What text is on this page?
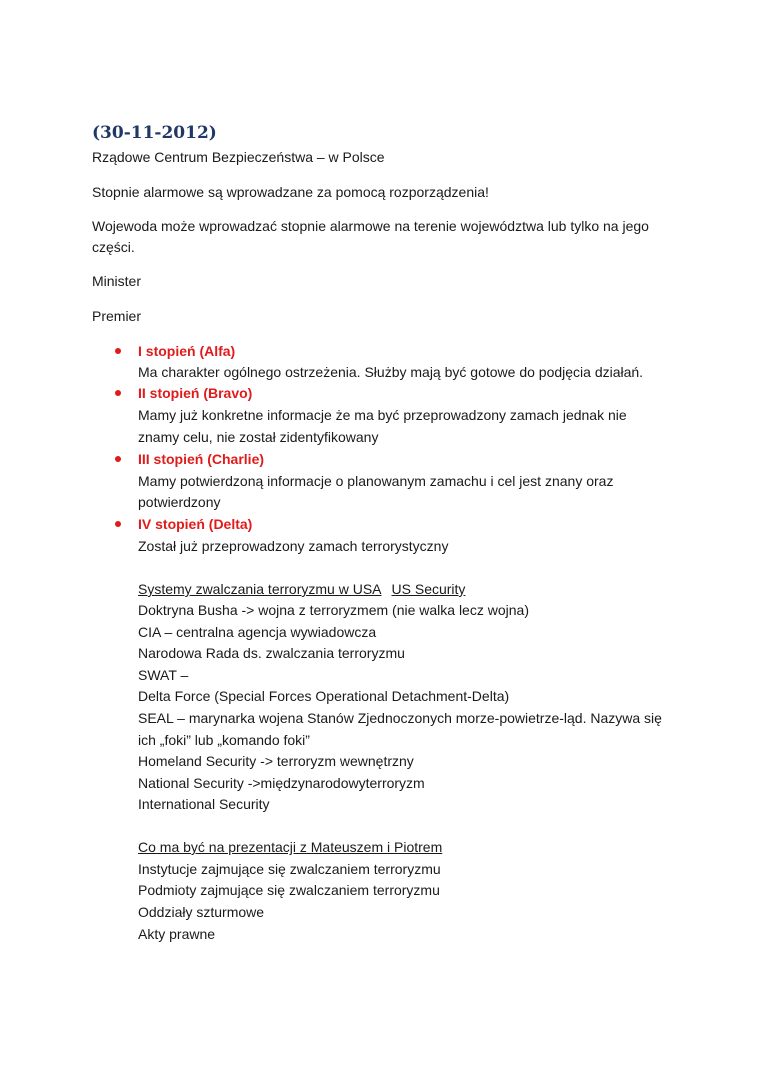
(30-11-2012)

Rządowe Centrum Bezpieczeństwa – w Polsce

Stopnie alarmowe są wprowadzane za pomocą rozporządzenia!

Wojewoda może wprowadzać stopnie alarmowe na terenie województwa lub tylko na jego

części.

Minister

Premier

I stopień (Alfa)

Ma charakter ogólnego ostrzeżenia. Służby mają być gotowe do podjęcia działań.

II stopień (Bravo)

Mamy już konkretne informacje że ma być przeprowadzony zamach jednak nie

znamy celu, nie został zidentyfikowany

III stopień (Charlie)

Mamy potwierdzoną informacje o planowanym zamachu i cel jest znany oraz

potwierdzony

IV stopień (Delta)

Został już przeprowadzony zamach terrorystyczny

Systemy zwalczania terroryzmu w USA US Security

Doktryna Busha -> wojna z terroryzmem (nie walka lecz wojna)

CIA – centralna agencja wywiadowcza

Narodowa Rada ds. zwalczania terroryzmu

SWAT –

Delta Force (Special Forces Operational Detachment-Delta)

SEAL – marynarka wojena Stanów Zjednoczonych morze-powietrze-ląd. Nazywa się

ich „foki” lub „komando foki”

Homeland Security -> terroryzm wewnętrzny

National Security ->międzynarodowyterroryzm

International Security

Co ma być na prezentacji z Mateuszem i Piotrem

Instytucje zajmujące się zwalczaniem terroryzmu

Podmioty zajmujące się zwalczaniem terroryzmu

Oddziały szturmowe

Akty prawne
